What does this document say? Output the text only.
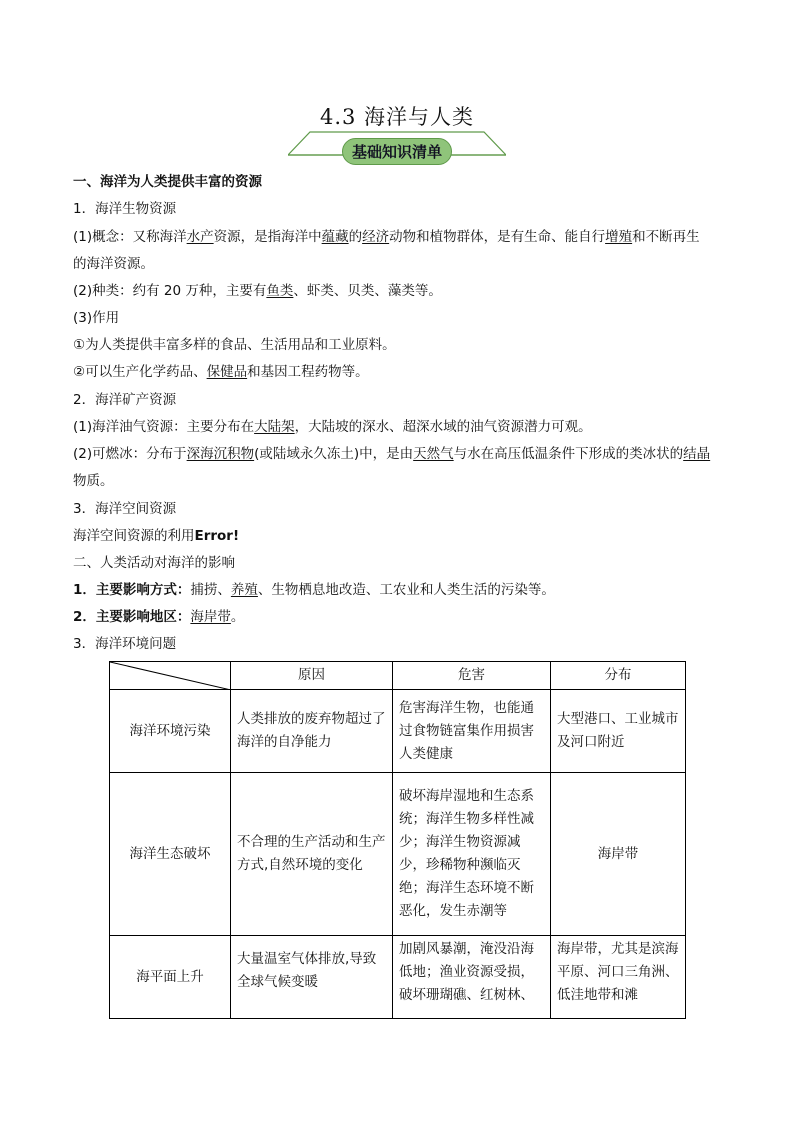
4.3 海洋与人类
基础知识清单
一、海洋为人类提供丰富的资源
1．海洋生物资源
(1)概念：又称海洋水产资源，是指海洋中蕴藏的经济动物和植物群体，是有生命、能自行增殖和不断再生
的海洋资源。
(2)种类：约有 20 万种，主要有鱼类、虾类、贝类、藻类等。
(3)作用
①为人类提供丰富多样的食品、生活用品和工业原料。
②可以生产化学药品、保健品和基因工程药物等。
2．海洋矿产资源
(1)海洋油气资源：主要分布在大陆架，大陆坡的深水、超深水域的油气资源潜力可观。
(2)可燃冰：分布于深海沉积物(或陆域永久冻土)中，是由天然气与水在高压低温条件下形成的类冰状的结晶
物质。
3．海洋空间资源
海洋空间资源的利用Error!
二、人类活动对海洋的影响
1．主要影响方式：捕捞、养殖、生物栖息地改造、工农业和人类生活的污染等。
2．主要影响地区：海岸带。
3．海洋环境问题
	原因	危害	分布
海洋环境污染	人类排放的废弃物超过了海洋的自净能力	危害海洋生物，也能通过食物链富集作用损害人类健康	大型港口、工业城市及河口附近
海洋生态破坏	不合理的生产活动和生产方式,自然环境的变化	破坏海岸湿地和生态系统；海洋生物多样性减少；海洋生物资源减少，珍稀物种濒临灭绝；海洋生态环境不断恶化，发生赤潮等	海岸带
海平面上升	大量温室气体排放,导致全球气候变暖	加剧风暴潮，淹没沿海低地；渔业资源受损，破坏珊瑚礁、红树林、	海岸带，尤其是滨海平原、河口三角洲、低洼地带和滩
